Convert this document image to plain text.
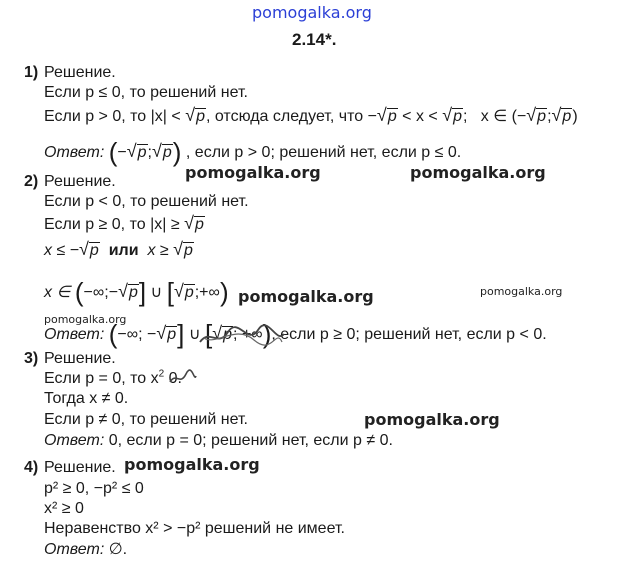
pomogalka.org
2.14*.
1) Решение.
Если p ≤ 0, то решений нет.
Если p > 0, то |x| < √p, отсюда следует, что −√p < x < √p;   x ∈ (−√p;√p)
Ответ: (−√p;√p) , если p > 0; решений нет, если p ≤ 0.
2) Решение.
Если p < 0, то решений нет.
Если p ≥ 0, то |x| ≥ √p
x ≤ −√p или x ≥ √p
x ∈ (−∞;−√p] ∪ [√p;+∞)
Ответ: (−∞; −√p] ∪ [√p; +∞), если p ≥ 0; решений нет, если p < 0.
3) Решение.
Если p = 0, то $x^2$ 0.
Тогда x ≠ 0.
Если p ≠ 0, то решений нет.
Ответ: 0, если p = 0; решений нет, если p ≠ 0.
4) Решение.
p² ≥ 0, −p² ≤ 0
x² ≥ 0
Неравенство x² > −p² решений не имеет.
Ответ: ∅.
pomogalka.org	pomogalka.org
pomogalka.org	pomogalka.org
pomogalka.org
pomogalka.org
pomogalka.org
